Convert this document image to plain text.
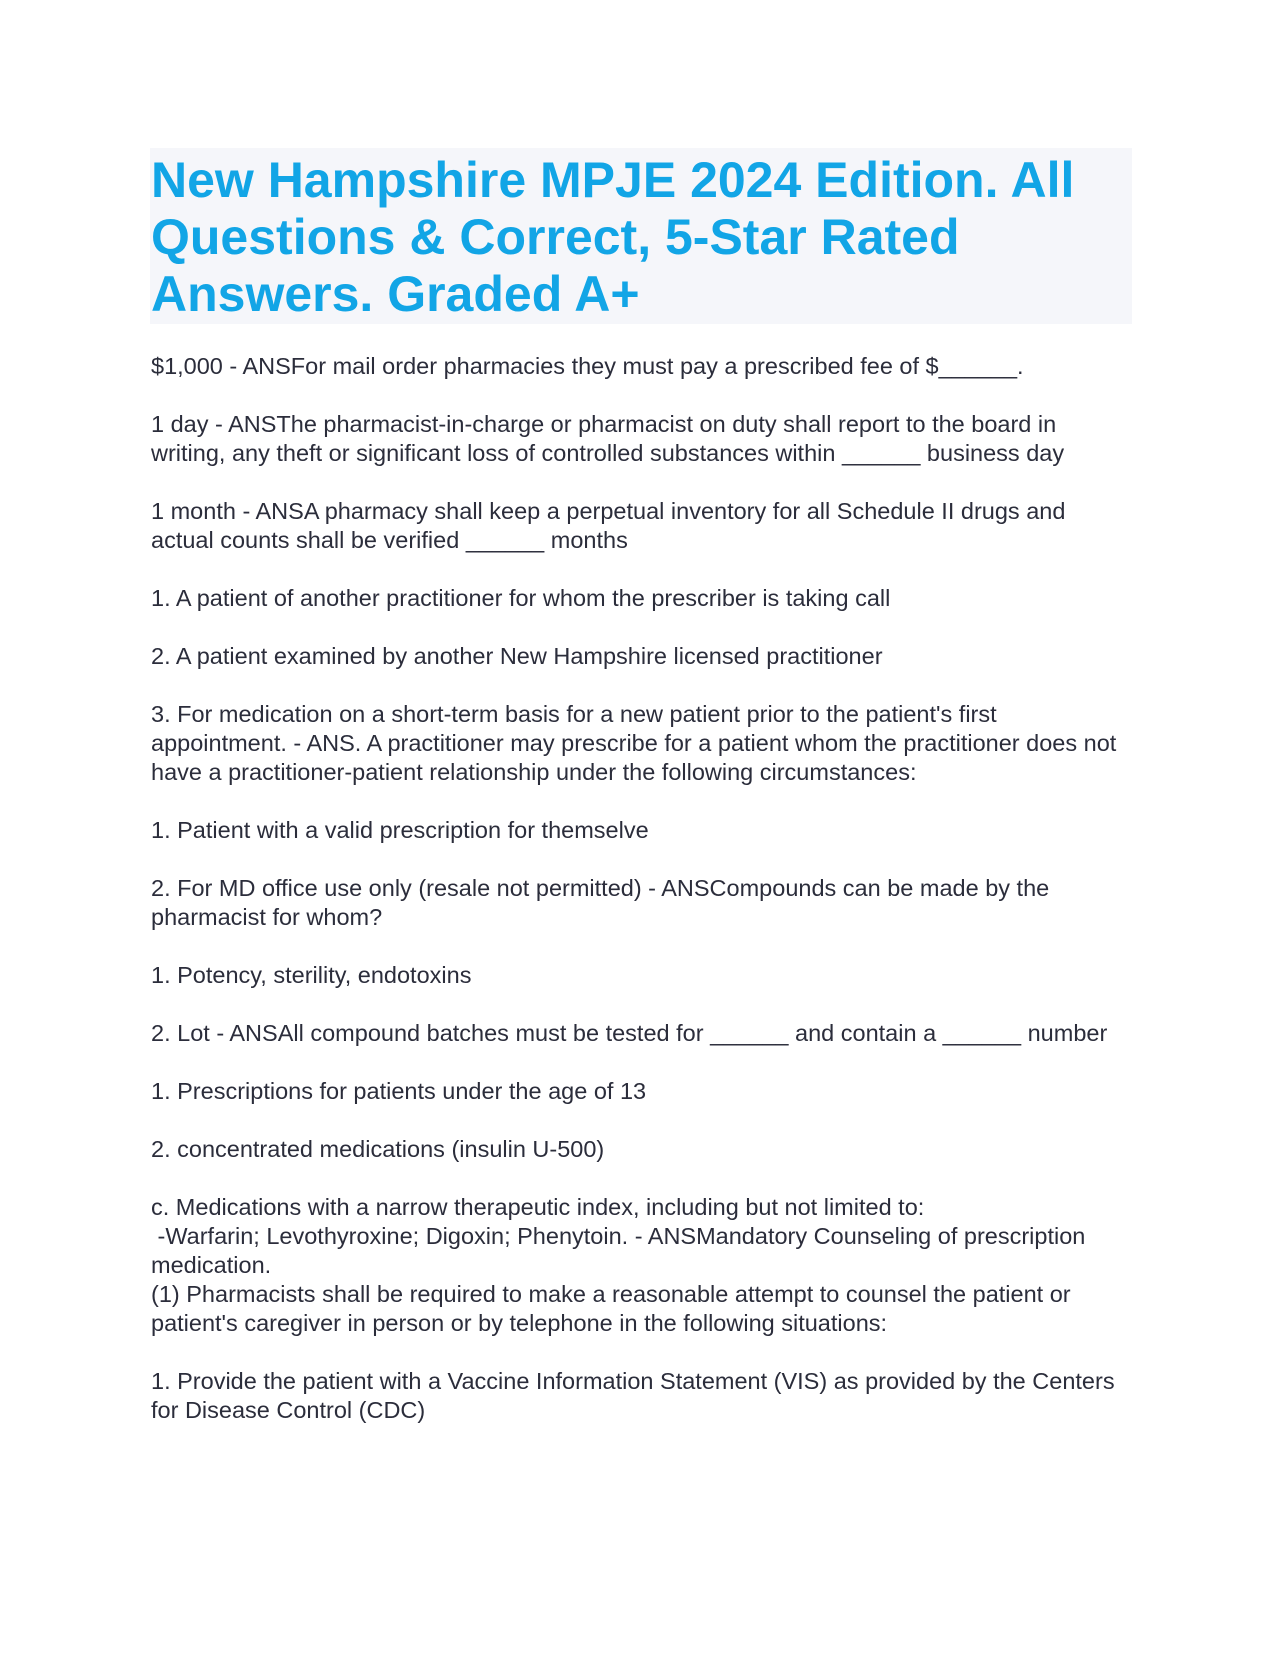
New Hampshire MPJE 2024 Edition. All Questions & Correct, 5-Star Rated Answers. Graded A+

$1,000 - ANSFor mail order pharmacies they must pay a prescribed fee of $______.

1 day - ANSThe pharmacist-in-charge or pharmacist on duty shall report to the board in writing, any theft or significant loss of controlled substances within ______ business day

1 month - ANSA pharmacy shall keep a perpetual inventory for all Schedule II drugs and actual counts shall be verified ______ months

1. A patient of another practitioner for whom the prescriber is taking call

2. A patient examined by another New Hampshire licensed practitioner

3. For medication on a short-term basis for a new patient prior to the patient's first appointment. - ANS. A practitioner may prescribe for a patient whom the practitioner does not have a practitioner-patient relationship under the following circumstances:

1. Patient with a valid prescription for themselve

2. For MD office use only (resale not permitted) - ANSCompounds can be made by the pharmacist for whom?

1. Potency, sterility, endotoxins

2. Lot - ANSAll compound batches must be tested for ______ and contain a ______ number

1. Prescriptions for patients under the age of 13

2. concentrated medications (insulin U-500)

c. Medications with a narrow therapeutic index, including but not limited to:
-Warfarin; Levothyroxine; Digoxin; Phenytoin. - ANSMandatory Counseling of prescription medication.
(1) Pharmacists shall be required to make a reasonable attempt to counsel the patient or patient's caregiver in person or by telephone in the following situations:

1. Provide the patient with a Vaccine Information Statement (VIS) as provided by the Centers for Disease Control (CDC)
